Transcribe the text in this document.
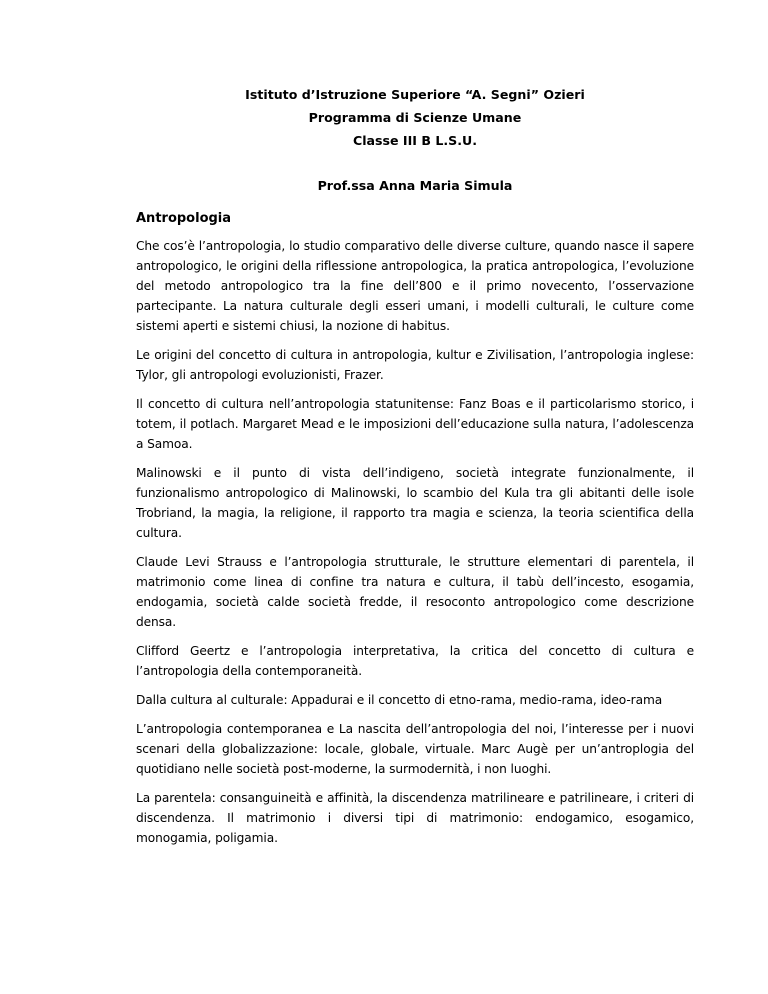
Istituto d’Istruzione Superiore “A. Segni” Ozieri
Programma di Scienze Umane
Classe III B L.S.U.
Prof.ssa Anna Maria Simula
Antropologia

Che cos’è l’antropologia, lo studio comparativo delle diverse culture, quando nasce il sapere antropologico, le origini della riflessione antropologica, la pratica antropologica, l’evoluzione del metodo antropologico tra la fine dell’800 e il primo novecento, l’osservazione partecipante. La natura culturale degli esseri umani, i modelli culturali, le culture come sistemi aperti e sistemi chiusi, la nozione di habitus.

Le origini del concetto di cultura in antropologia, kultur e Zivilisation, l’antropologia inglese: Tylor, gli antropologi evoluzionisti, Frazer.

Il concetto di cultura nell’antropologia statunitense: Fanz Boas e il particolarismo storico, i totem, il potlach. Margaret Mead e le imposizioni dell’educazione sulla natura, l’adolescenza a Samoa.

Malinowski e il punto di vista dell’indigeno, società integrate funzionalmente, il funzionalismo antropologico di Malinowski, lo scambio del Kula tra gli abitanti delle isole Trobriand, la magia, la religione, il rapporto tra magia e scienza, la teoria scientifica della cultura.

Claude Levi Strauss e l’antropologia strutturale, le strutture elementari di parentela, il matrimonio come linea di confine tra natura e cultura, il tabù dell’incesto, esogamia, endogamia, società calde società fredde, il resoconto antropologico come descrizione densa.

Clifford Geertz e l’antropologia interpretativa, la critica del concetto di cultura e l’antropologia della contemporaneità.

Dalla cultura al culturale: Appadurai e il concetto di etno-rama, medio-rama, ideo-rama

L’antropologia contemporanea e La nascita dell’antropologia del noi, l’interesse per i nuovi scenari della globalizzazione: locale, globale, virtuale. Marc Augè per un’antroplogia del quotidiano nelle società post-moderne, la surmodernità, i non luoghi.

La parentela: consanguineità e affinità, la discendenza matrilineare e patrilineare, i criteri di discendenza. Il matrimonio i diversi tipi di matrimonio: endogamico, esogamico, monogamia, poligamia.
